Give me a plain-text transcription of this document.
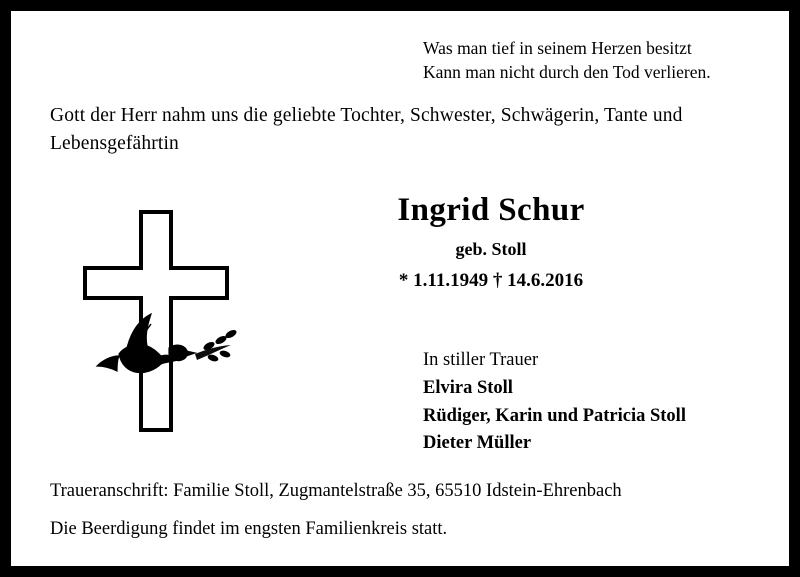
Was man tief in seinem Herzen besitzt
Kann man nicht durch den Tod verlieren.
Gott der Herr nahm uns die geliebte Tochter, Schwester, Schwägerin, Tante und Lebensgefährtin
Ingrid Schur
geb. Stoll
* 1.11.1949 † 14.6.2016
In stiller Trauer
Elvira Stoll
Rüdiger, Karin und Patricia Stoll
Dieter Müller
Traueranschrift: Familie Stoll, Zugmantelstraße 35, 65510 Idstein-Ehrenbach
Die Beerdigung findet im engsten Familienkreis statt.
